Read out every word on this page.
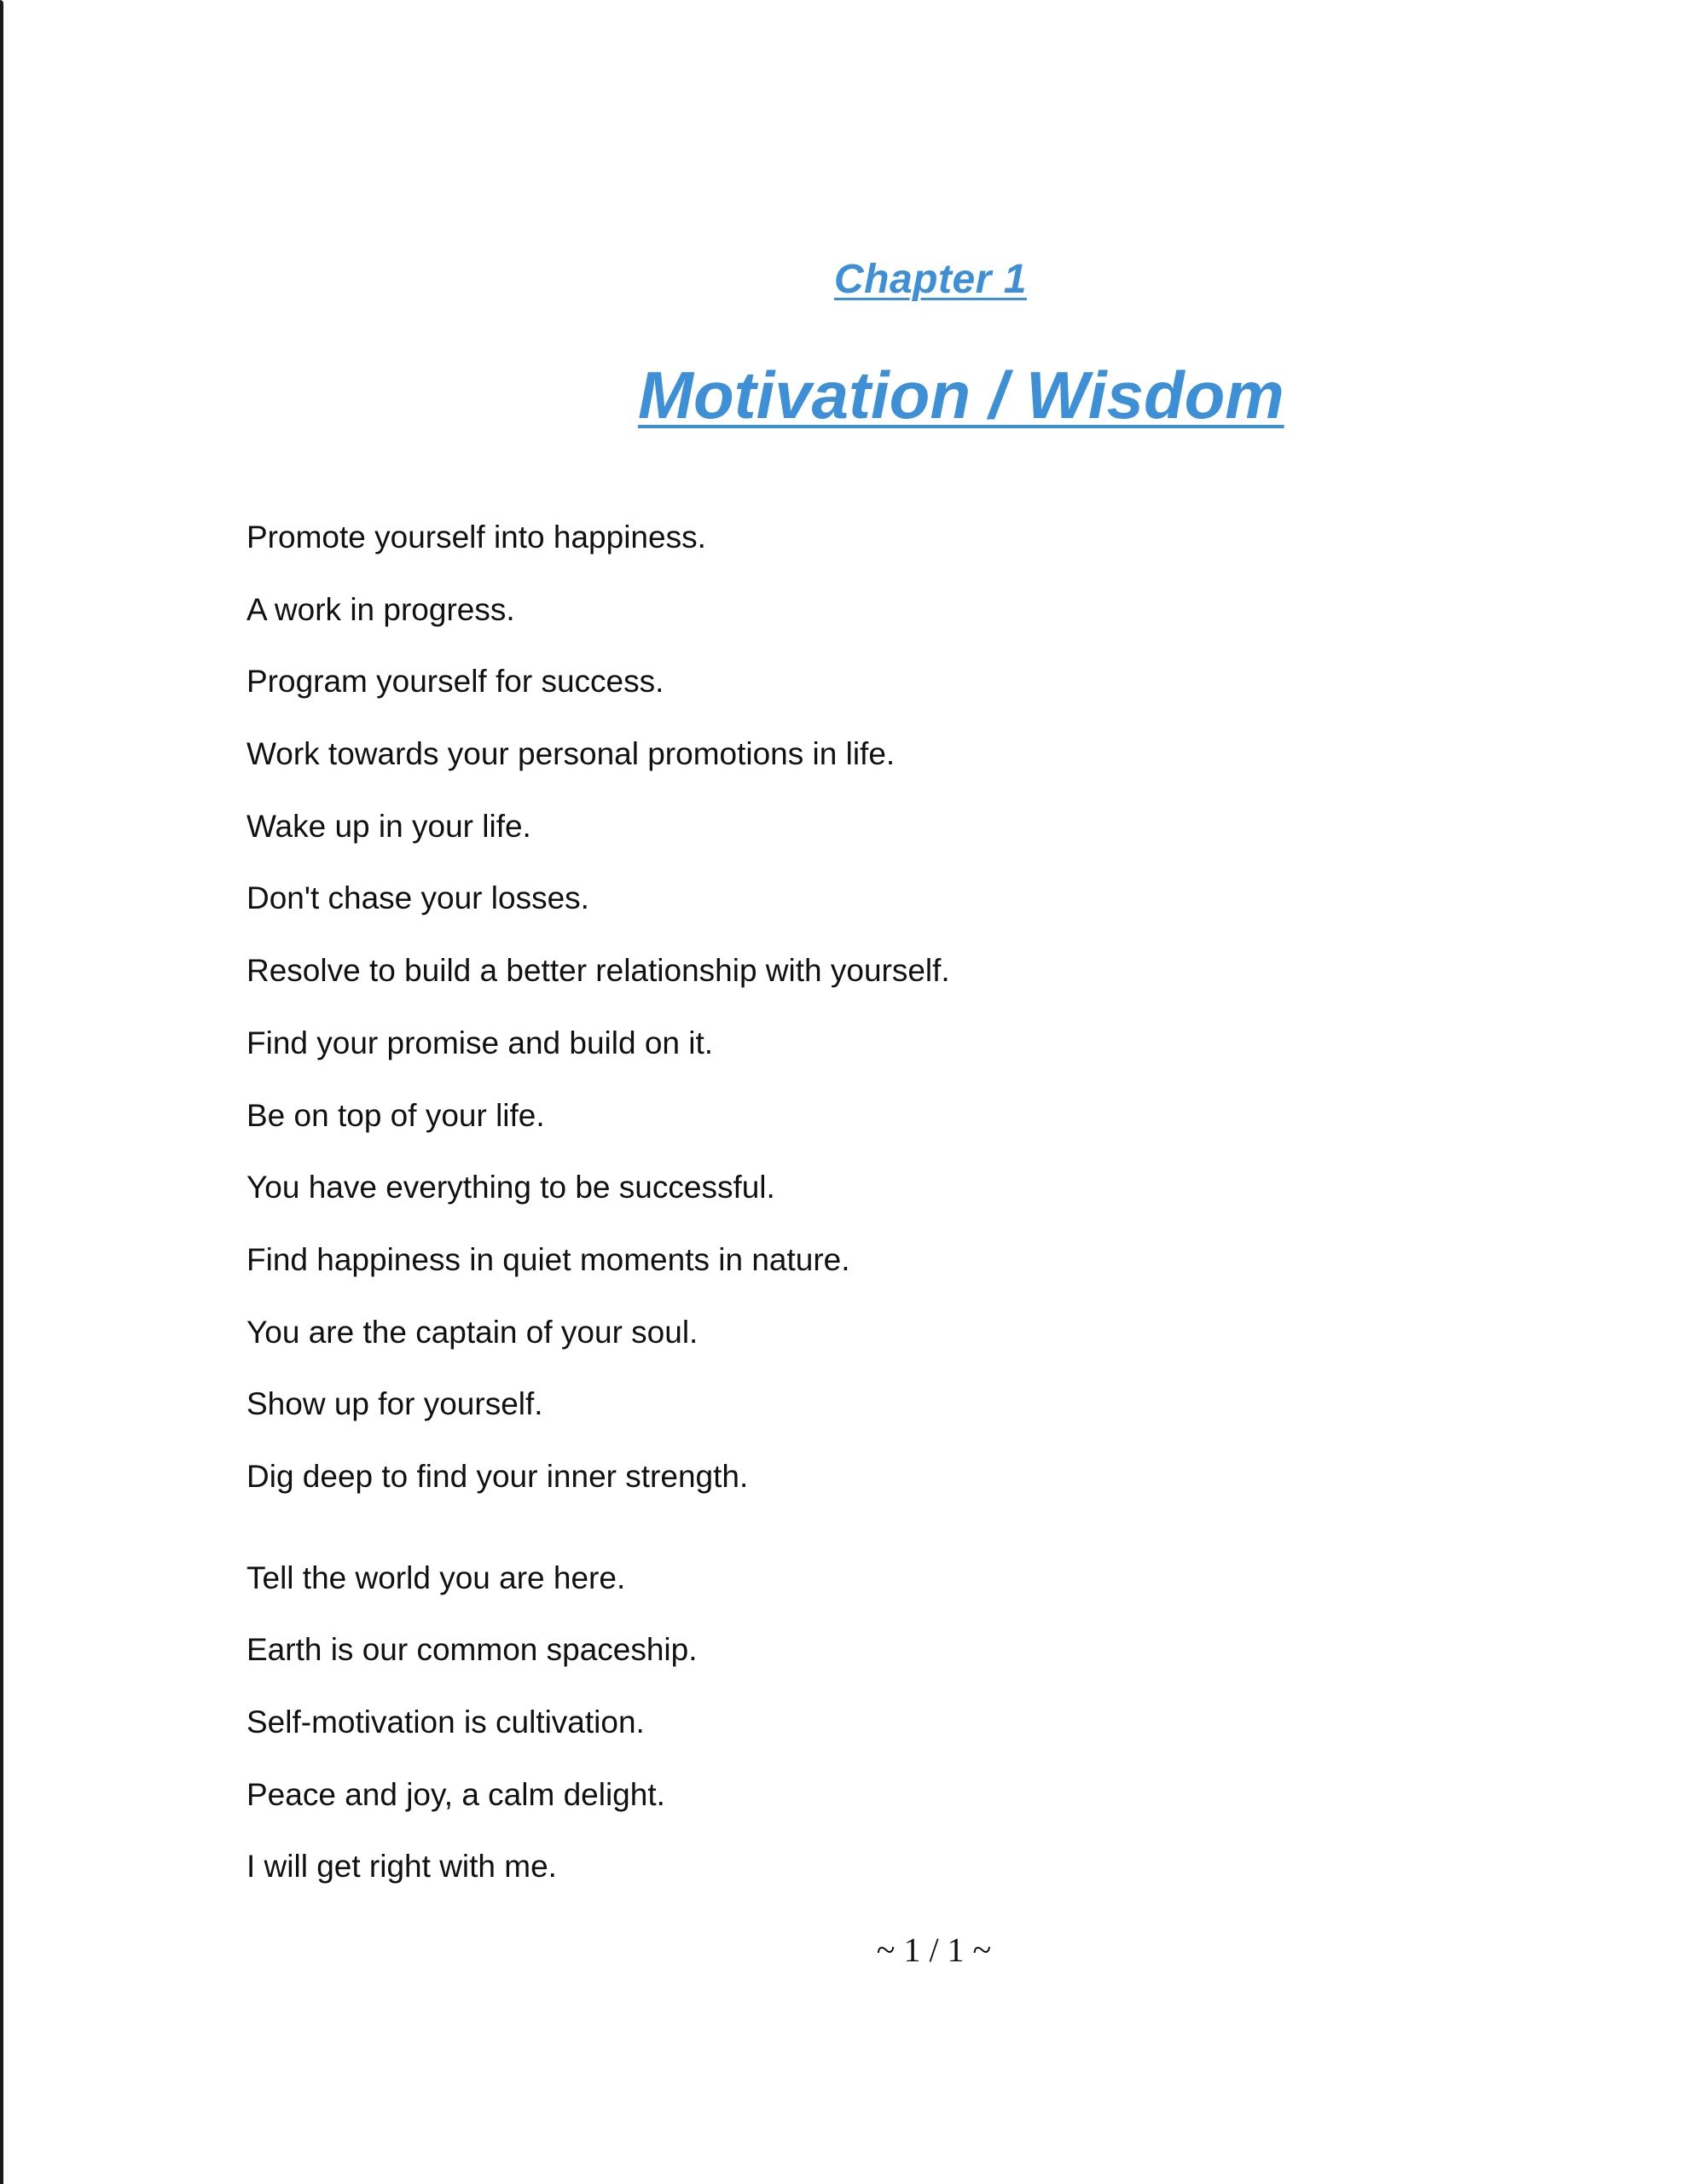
Chapter 1
Motivation / Wisdom
Promote yourself into happiness.
A work in progress.
Program yourself for success.
Work towards your personal promotions in life.
Wake up in your life.
Don't chase your losses.
Resolve to build a better relationship with yourself.
Find your promise and build on it.
Be on top of your life.
You have everything to be successful.
Find happiness in quiet moments in nature.
You are the captain of your soul.
Show up for yourself.
Dig deep to find your inner strength.
Tell the world you are here.
Earth is our common spaceship.
Self-motivation is cultivation.
Peace and joy, a calm delight.
I will get right with me.
~ 1 / 1 ~
